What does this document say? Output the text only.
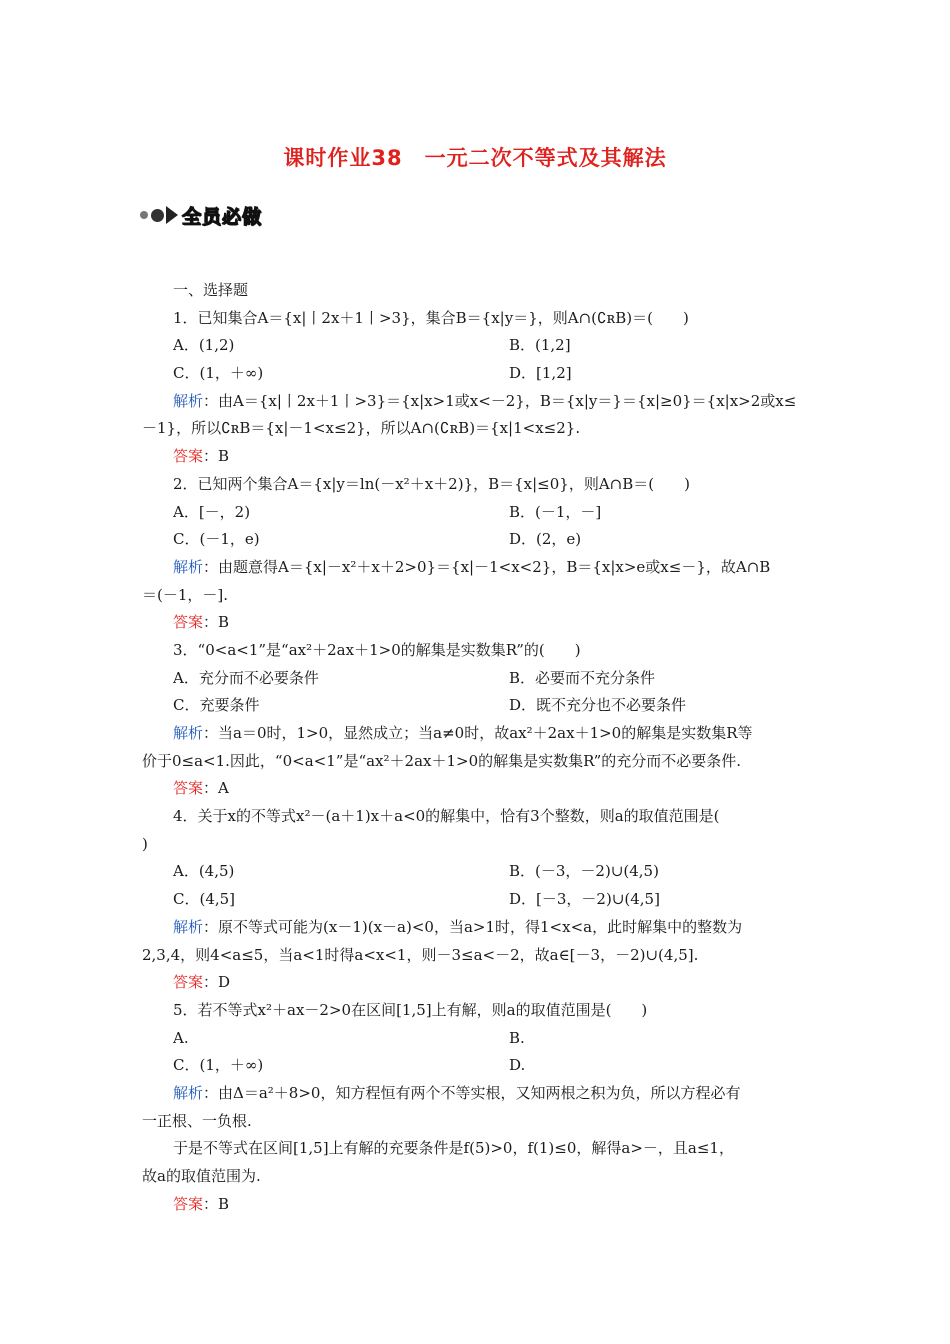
课时作业38　一元二次不等式及其解法
全员必做
一、选择题
1．已知集合A＝{x|丨2x＋1丨>3}，集合B＝{x|y＝}，则A∩(∁ʀB)＝(　　)
A．(1,2)	B．(1,2]
C．(1，＋∞)	D．[1,2]
解析：由A＝{x|丨2x＋1丨>3}＝{x|x>1或x<－2}，B＝{x|y＝}＝{x|≥0}＝{x|x>2或x≤
－1}，所以∁ʀB＝{x|－1<x≤2}，所以A∩(∁ʀB)＝{x|1<x≤2}.
答案：B
2．已知两个集合A＝{x|y＝ln(－x²＋x＋2)}，B＝{x|≤0}，则A∩B＝(　　)
A．[－，2)	B．(－1，－]
C．(－1，e)	D．(2，e)
解析：由题意得A＝{x|－x²＋x＋2>0}＝{x|－1<x<2}，B＝{x|x>e或x≤－}，故A∩B
＝(－1，－].
答案：B
3．“0<a<1”是“ax²＋2ax＋1>0的解集是实数集R”的(　　)
A．充分而不必要条件	B．必要而不充分条件
C．充要条件	D．既不充分也不必要条件
解析：当a＝0时，1>0，显然成立；当a≠0时，故ax²＋2ax＋1>0的解集是实数集R等
价于0≤a<1.因此，“0<a<1”是“ax²＋2ax＋1>0的解集是实数集R”的充分而不必要条件.
答案：A
4．关于x的不等式x²－(a＋1)x＋a<0的解集中，恰有3个整数，则a的取值范围是(
)
A．(4,5)	B．(－3，－2)∪(4,5)
C．(4,5]	D．[－3，－2)∪(4,5]
解析：原不等式可能为(x－1)(x－a)<0，当a>1时，得1<x<a，此时解集中的整数为
2,3,4，则4<a≤5，当a<1时得a<x<1，则－3≤a<－2，故a∈[－3，－2)∪(4,5].
答案：D
5．若不等式x²＋ax－2>0在区间[1,5]上有解，则a的取值范围是(　　)
A.	B.
C．(1，＋∞)	D.
解析：由Δ＝a²＋8>0，知方程恒有两个不等实根，又知两根之积为负，所以方程必有
一正根、一负根.
于是不等式在区间[1,5]上有解的充要条件是f(5)>0，f(1)≤0，解得a>－，且a≤1，
故a的取值范围为.
答案：B
